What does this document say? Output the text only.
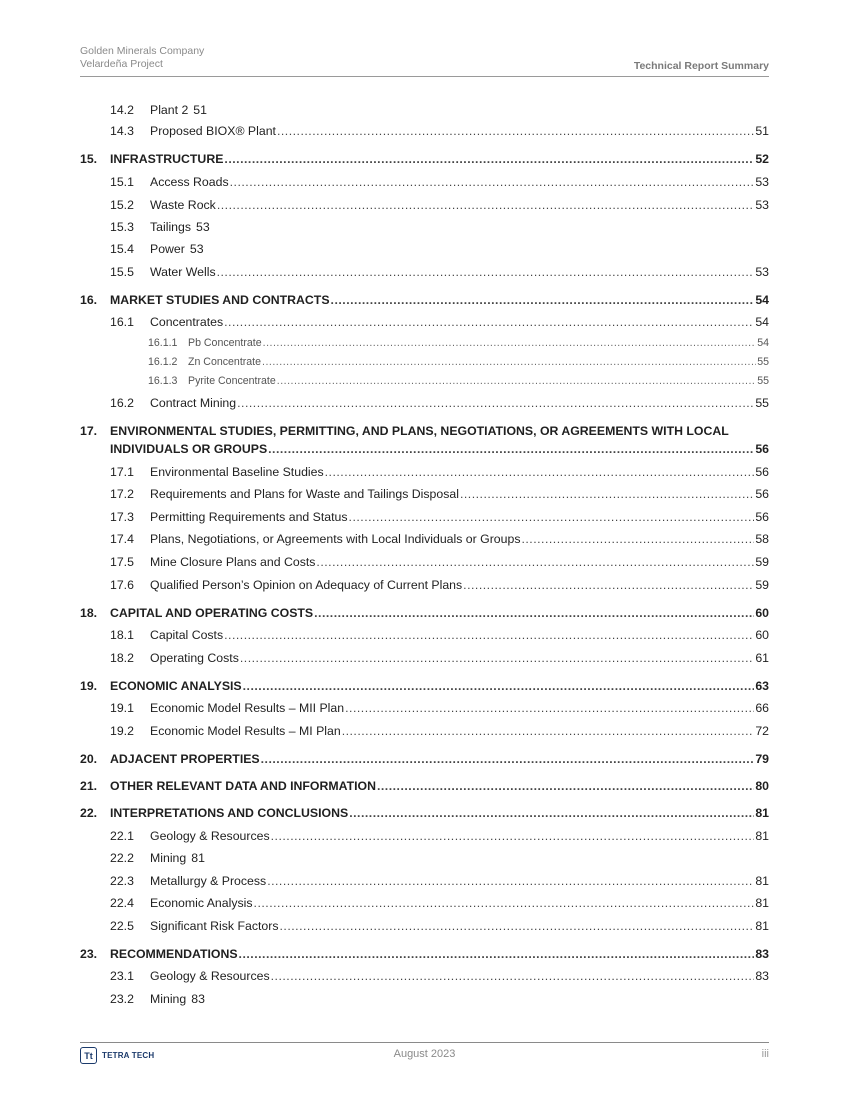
Golden Minerals Company
Velardeña Project	Technical Report Summary
14.2	Plant 2 51
14.3	Proposed BIOX® Plant .....	51
15.	INFRASTRUCTURE .....	52
15.1	Access Roads .....	53
15.2	Waste Rock .....	53
15.3	Tailings 53
15.4	Power 53
15.5	Water Wells .....	53
16.	MARKET STUDIES AND CONTRACTS .....	54
16.1	Concentrates .....	54
16.1.1 Pb Concentrate .....	54
16.1.2 Zn Concentrate .....	55
16.1.3 Pyrite Concentrate .....	55
16.2	Contract Mining .....	55
17.	ENVIRONMENTAL STUDIES, PERMITTING, AND PLANS, NEGOTIATIONS, OR AGREEMENTS WITH LOCAL
INDIVIDUALS OR GROUPS .....	56
17.1	Environmental Baseline Studies .....	56
17.2	Requirements and Plans for Waste and Tailings Disposal .....	56
17.3	Permitting Requirements and Status .....	56
17.4	Plans, Negotiations, or Agreements with Local Individuals or Groups .....	58
17.5	Mine Closure Plans and Costs .....	59
17.6	Qualified Person’s Opinion on Adequacy of Current Plans .....	59
18.	CAPITAL AND OPERATING COSTS .....	60
18.1	Capital Costs .....	60
18.2	Operating Costs .....	61
19.	ECONOMIC ANALYSIS .....	63
19.1	Economic Model Results – MII Plan .....	66
19.2	Economic Model Results – MI Plan .....	72
20.	ADJACENT PROPERTIES .....	79
21.	OTHER RELEVANT DATA AND INFORMATION .....	80
22.	INTERPRETATIONS AND CONCLUSIONS .....	81
22.1	Geology & Resources .....	81
22.2	Mining 81
22.3	Metallurgy & Process .....	81
22.4	Economic Analysis .....	81
22.5	Significant Risk Factors .....	81
23.	RECOMMENDATIONS .....	83
23.1	Geology & Resources .....	83
23.2	Mining 83
Tt	TETRA TECH	August 2023	iii
